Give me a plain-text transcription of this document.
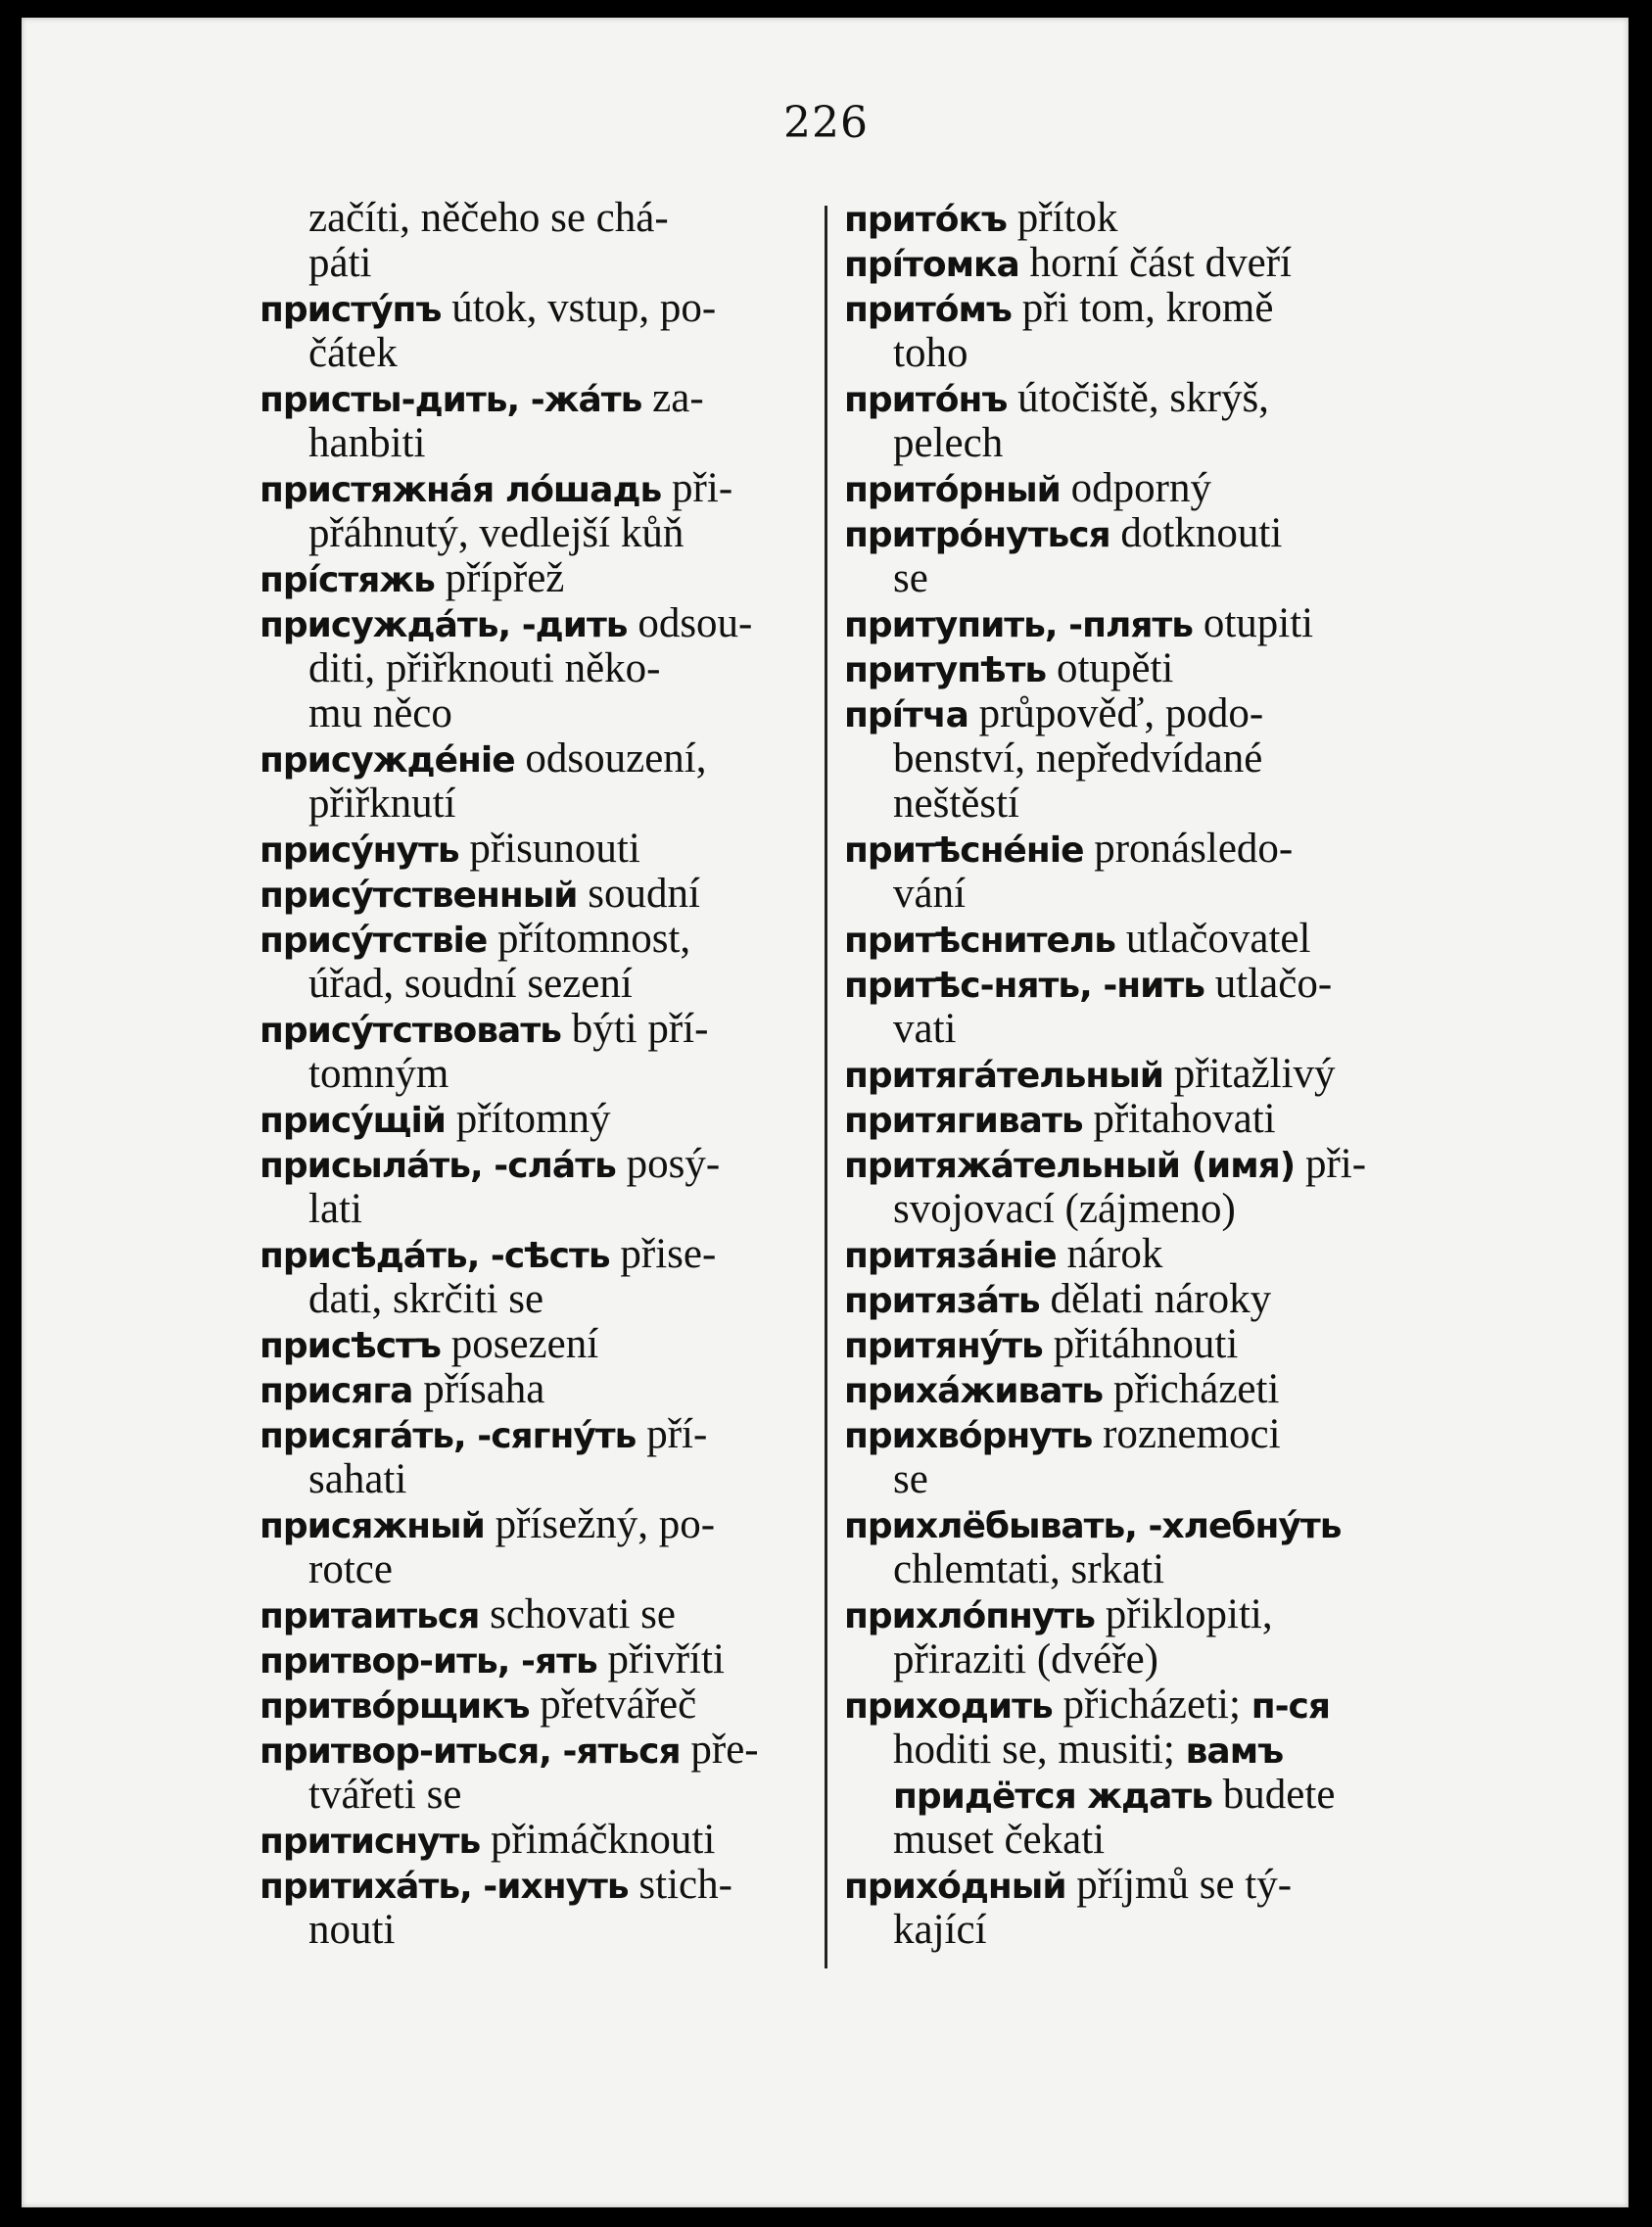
226
začíti, něčeho se chá-
páti
пристýпъ útok, vstup, po-
čátek
присты-дить, -жáть za-
hanbiti
пристяжнáя лóшадь při-
přáhnutý, vedlejší kůň
прíстяжь přípřež
присуждáть, -дить odsou-
diti, přiřknouti něko-
mu něco
присуждéніе odsouzení,
přiřknutí
присýнуть přisunouti
присýтственный soudní
присýтствіе přítomnost,
úřad, soudní sezení
присýтствовать býti pří-
tomným
присýщій přítomný
присылáть, -слáть posý-
lati
присѣдáть, -сѣсть přise-
dati, skrčiti se
присѣстъ posezení
присяга přísaha
присягáть, -сягнýть pří-
sahati
присяжный přísežný, po-
rotce
притаиться schovati se
притвор-ить, -ять přivříti
притвóрщикъ přetvářeč
притвор-иться, -яться pře-
tvářeti se
притиснуть přimáčknouti
притихáть, -ихнуть stich-
nouti
притóкъ přítok
прíтомка horní část dveří
притóмъ při tom, kromě
toho
притóнъ útočiště, skrýš,
pelech
притóрный odporný
притрóнуться dotknouti
se
притупить, -плять otupiti
притупѣть otupěti
прíтча průpověď, podo-
benství, nepředvídané
neštěstí
притѣснéніе pronásledo-
vání
притѣснитель utlačovatel
притѣс-нять, -нить utlačo-
vati
притягáтельный přitažlivý
притягивать přitahovati
притяжáтельный (имя) při-
svojovací (zájmeno)
притязáніе nárok
притязáть dělati nároky
притянýть přitáhnouti
прихáживать přicházeti
прихвóрнуть roznemoci
se
прихлёбывать, -хлебнýть
chlemtati, srkati
прихлóпнуть přiklopiti,
přiraziti (dvéře)
приходить přicházeti; п-ся
hoditi se, musiti; вамъ
придётся ждать budete
muset čekati
прихóдный příjmů se tý-
kající
